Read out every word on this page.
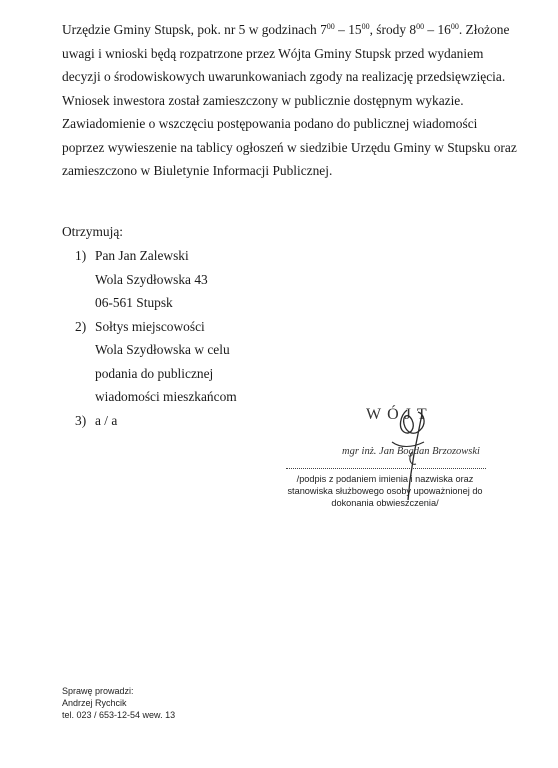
Urzędzie Gminy Stupsk, pok. nr 5 w godzinach $7^{00} - 15^{00}$, środy $8^{00} - 16^{00}$. Złożone
uwagi i wnioski będą rozpatrzone przez Wójta Gminy Stupsk przed wydaniem
decyzji o środowiskowych uwarunkowaniach zgody na realizację przedsięwzięcia.
Wniosek inwestora został zamieszczony w publicznie dostępnym wykazie.
Zawiadomienie o wszczęciu postępowania podano do publicznej wiadomości
poprzez wywieszenie na tablicy ogłoszeń w siedzibie Urzędu Gminy w Stupsku oraz
zamieszczono w Biuletynie Informacji Publicznej.
Otrzymują:
1) Pan Jan Zalewski
Wola Szydłowska 43
06-561 Stupsk
2) Sołtys miejscowości
Wola Szydłowska w celu
podania do publicznej
wiadomości mieszkańcom
3) a / a	WÓJT
mgr inż. Jan Bogdan Brzozowski
/podpis z podaniem imienia i nazwiska oraz
stanowiska służbowego osoby upoważnionej do
dokonania obwieszczenia/
Sprawę prowadzi:
Andrzej Rychcik
tel. 023 / 653-12-54 wew. 13
